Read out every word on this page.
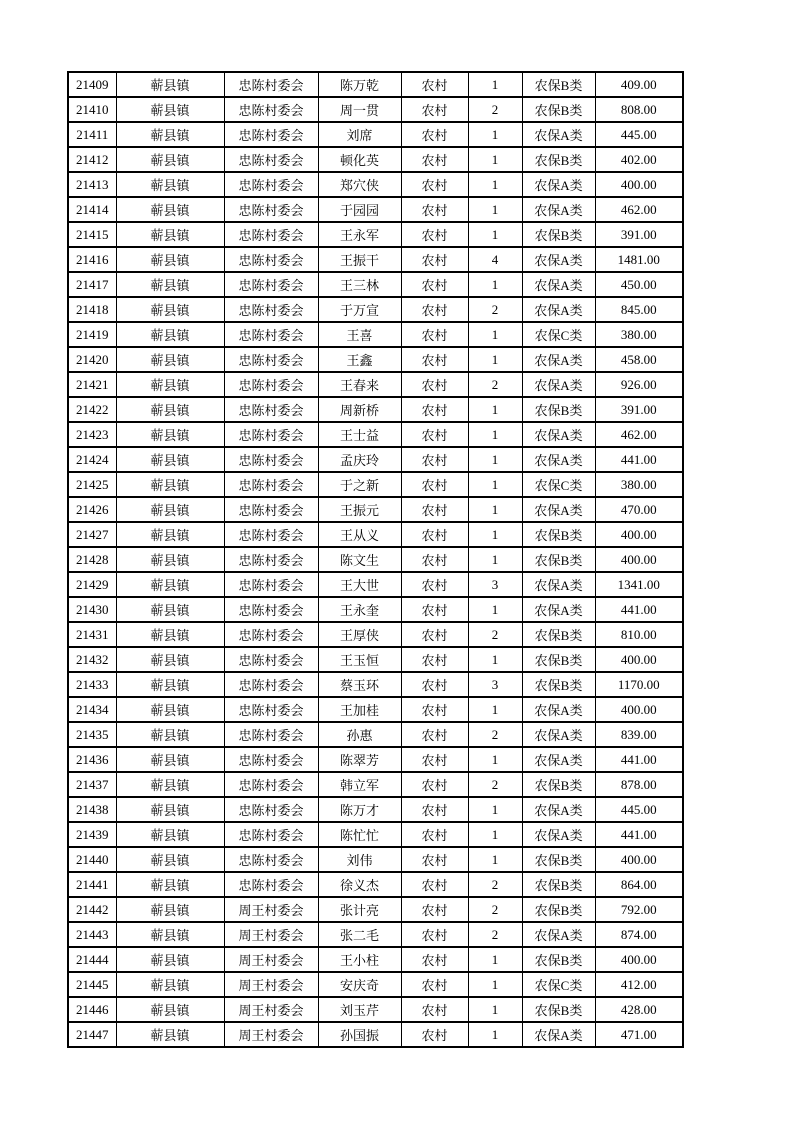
21409	蕲县镇	忠陈村委会	陈万乾	农村	1	农保B类	409.00
21410	蕲县镇	忠陈村委会	周一贯	农村	2	农保B类	808.00
21411	蕲县镇	忠陈村委会	刘席	农村	1	农保A类	445.00
21412	蕲县镇	忠陈村委会	顿化英	农村	1	农保B类	402.00
21413	蕲县镇	忠陈村委会	郑穴侠	农村	1	农保A类	400.00
21414	蕲县镇	忠陈村委会	于园园	农村	1	农保A类	462.00
21415	蕲县镇	忠陈村委会	王永军	农村	1	农保B类	391.00
21416	蕲县镇	忠陈村委会	王振干	农村	4	农保A类	1481.00
21417	蕲县镇	忠陈村委会	王三林	农村	1	农保A类	450.00
21418	蕲县镇	忠陈村委会	于万宣	农村	2	农保A类	845.00
21419	蕲县镇	忠陈村委会	王喜	农村	1	农保C类	380.00
21420	蕲县镇	忠陈村委会	王鑫	农村	1	农保A类	458.00
21421	蕲县镇	忠陈村委会	王春来	农村	2	农保A类	926.00
21422	蕲县镇	忠陈村委会	周新桥	农村	1	农保B类	391.00
21423	蕲县镇	忠陈村委会	王士益	农村	1	农保A类	462.00
21424	蕲县镇	忠陈村委会	孟庆玲	农村	1	农保A类	441.00
21425	蕲县镇	忠陈村委会	于之新	农村	1	农保C类	380.00
21426	蕲县镇	忠陈村委会	王振元	农村	1	农保A类	470.00
21427	蕲县镇	忠陈村委会	王从义	农村	1	农保B类	400.00
21428	蕲县镇	忠陈村委会	陈文生	农村	1	农保B类	400.00
21429	蕲县镇	忠陈村委会	王大世	农村	3	农保A类	1341.00
21430	蕲县镇	忠陈村委会	王永奎	农村	1	农保A类	441.00
21431	蕲县镇	忠陈村委会	王厚侠	农村	2	农保B类	810.00
21432	蕲县镇	忠陈村委会	王玉恒	农村	1	农保B类	400.00
21433	蕲县镇	忠陈村委会	蔡玉环	农村	3	农保B类	1170.00
21434	蕲县镇	忠陈村委会	王加桂	农村	1	农保A类	400.00
21435	蕲县镇	忠陈村委会	孙惠	农村	2	农保A类	839.00
21436	蕲县镇	忠陈村委会	陈翠芳	农村	1	农保A类	441.00
21437	蕲县镇	忠陈村委会	韩立军	农村	2	农保B类	878.00
21438	蕲县镇	忠陈村委会	陈万才	农村	1	农保A类	445.00
21439	蕲县镇	忠陈村委会	陈忙忙	农村	1	农保A类	441.00
21440	蕲县镇	忠陈村委会	刘伟	农村	1	农保B类	400.00
21441	蕲县镇	忠陈村委会	徐义杰	农村	2	农保B类	864.00
21442	蕲县镇	周王村委会	张计亮	农村	2	农保B类	792.00
21443	蕲县镇	周王村委会	张二毛	农村	2	农保A类	874.00
21444	蕲县镇	周王村委会	王小柱	农村	1	农保B类	400.00
21445	蕲县镇	周王村委会	安庆奇	农村	1	农保C类	412.00
21446	蕲县镇	周王村委会	刘玉芹	农村	1	农保B类	428.00
21447	蕲县镇	周王村委会	孙国振	农村	1	农保A类	471.00
